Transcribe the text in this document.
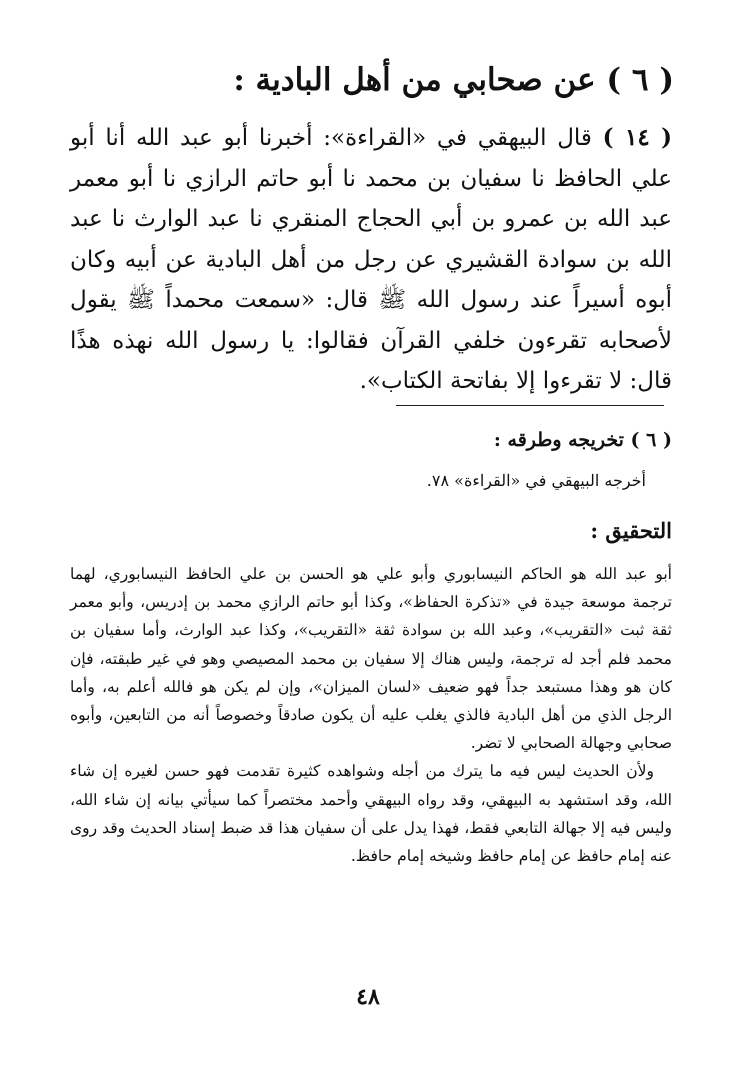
( ٦ ) عن صحابي من أهل البادية :
( ١٤ ) قال البيهقي في «القراءة»: أخبرنا أبو عبد الله أنا أبو علي الحافظ نا سفيان بن محمد نا أبو حاتم الرازي نا أبو معمر عبد الله بن عمرو بن أبي الحجاج المنقري نا عبد الوارث نا عبد الله بن سوادة القشيري عن رجل من أهل البادية عن أبيه وكان أبوه أسيراً عند رسول الله ﷺ قال: «سمعت محمداً ﷺ يقول لأصحابه تقرءون خلفي القرآن فقالوا: يا رسول الله نهذه هذًا قال: لا تقرءوا إلا بفاتحة الكتاب».
( ٦ ) تخريجه وطرقه :
أخرجه البيهقي في «القراءة» ٧٨.
التحقيق :

أبو عبد الله هو الحاكم النيسابوري وأبو علي هو الحسن بن علي الحافظ النيسابوري، لهما ترجمة موسعة جيدة في «تذكرة الحفاظ»، وكذا أبو حاتم الرازي محمد بن إدريس، وأبو معمر ثقة ثبت «التقريب»، وعبد الله بن سوادة ثقة «التقريب»، وكذا عبد الوارث، وأما سفيان بن محمد فلم أجد له ترجمة، وليس هناك إلا سفيان بن محمد المصيصي وهو في غير طبقته، فإن كان هو وهذا مستبعد جداً فهو ضعيف «لسان الميزان»، وإن لم يكن هو فالله أعلم به، وأما الرجل الذي من أهل البادية فالذي يغلب عليه أن يكون صادقاً وخصوصاً أنه من التابعين، وأبوه صحابي وجهالة الصحابي لا تضر.

ولأن الحديث ليس فيه ما يترك من أجله وشواهده كثيرة تقدمت فهو حسن لغيره إن شاء الله، وقد استشهد به البيهقي، وقد رواه البيهقي وأحمد مختصراً كما سيأتي بيانه إن شاء الله، وليس فيه إلا جهالة التابعي فقط، فهذا يدل على أن سفيان هذا قد ضبط إسناد الحديث وقد روى عنه إمام حافظ عن إمام حافظ وشيخه إمام حافظ.

٤٨
